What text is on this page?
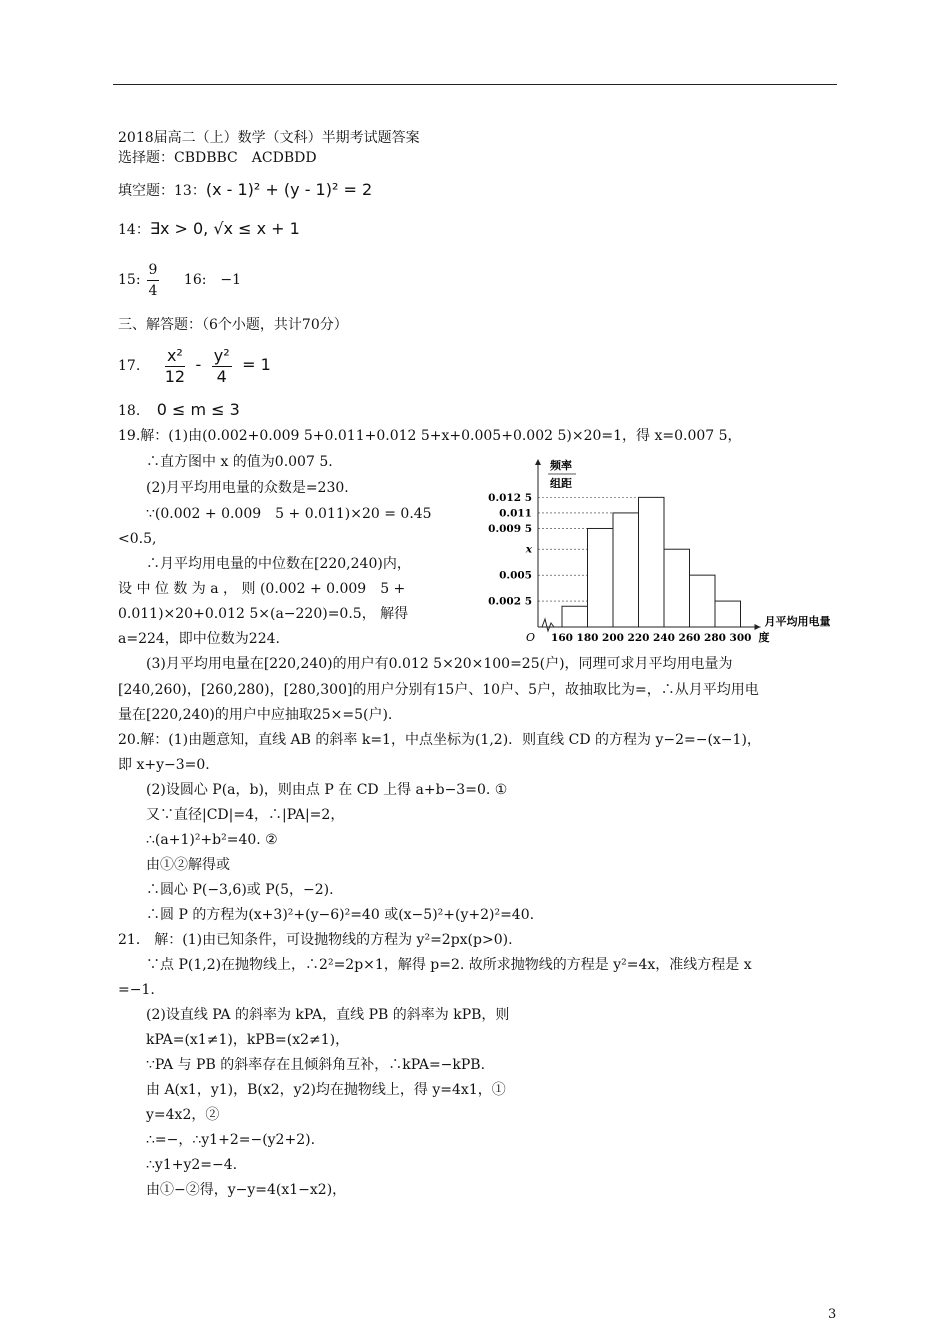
2018届高二（上）数学（文科）半期考试题答案
选择题：CBDBBC　ACDBDD
填空题：13：(x - 1)² + (y - 1)² = 2
14：∃x > 0, √x ≤ x + 1
15: $\frac{9}{4} 16$:　−1
三、解答题：（6个小题，共计70分）
17. $\frac{\text{x²}}{12} - \frac{\text{y²}}{4} = 1$
18. 0 ≤ m ≤ 3
19.解：(1)由(0.002+0.009 5+0.011+0.012 5+x+0.005+0.002 5)×20=1，得 x=0.007 5，
∴直方图中 x 的值为0.007 5.
(2)月平均用电量的众数是=230.
∵(0.002 + 0.009　5 + 0.011)×20 = 0.45
<0.5,
∴月平均用电量的中位数在[220,240)内，
设 中 位 数 为 a ， 则 (0.002 + 0.009　5 +
0.011)×20+0.012 5×(a−220)=0.5， 解得
a=224，即中位数为224.
0.012 5
0.011
0.009 5
x
0.005
0.002 5
O 160 180 200 220 240 260 280 300
频率
组距
月平均用电量
度
(3)月平均用电量在[220,240)的用户有0.012 5×20×100=25(户)，同理可求月平均用电量为
[240,260)，[260,280)，[280,300]的用户分别有15户、10户、5户，故抽取比为=，∴从月平均用电
量在[220,240)的用户中应抽取25×=5(户).
20.解：(1)由题意知，直线 AB 的斜率 k=1，中点坐标为(1,2)．则直线 CD 的方程为 y−2=−(x−1)，
即 x+y−3=0.
(2)设圆心 P(a，b)，则由点 P 在 CD 上得 a+b−3=0. ①
又∵直径|CD|=4，∴|PA|=2，
∴(a+1)²+b²=40. ②
由①②解得或
∴圆心 P(−3,6)或 P(5，−2).
∴圆 P 的方程为(x+3)²+(y−6)²=40 或(x−5)²+(y+2)²=40.
21． 解：(1)由已知条件，可设抛物线的方程为 y²=2px(p>0).
∵点 P(1,2)在抛物线上，∴2²=2p×1，解得 p=2. 故所求抛物线的方程是 y²=4x，准线方程是 x
=−1.
(2)设直线 PA 的斜率为 kPA，直线 PB 的斜率为 kPB，则
kPA=(x1≠1)，kPB=(x2≠1)，
∵PA 与 PB 的斜率存在且倾斜角互补，∴kPA=−kPB.
由 A(x1，y1)，B(x2，y2)均在抛物线上，得 y=4x1，①
y=4x2，②
∴=−，∴y1+2=−(y2+2).
∴y1+y2=−4.
由①−②得，y−y=4(x1−x2)，
3
